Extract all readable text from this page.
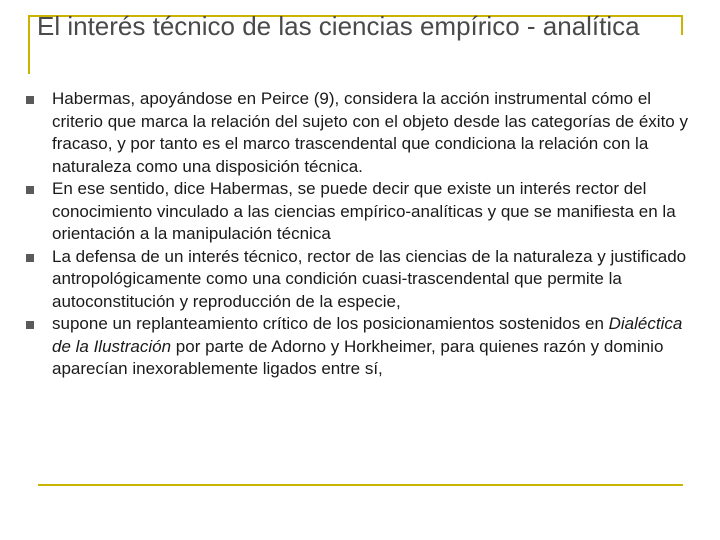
El interés técnico de las ciencias empírico - analítica
Habermas, apoyándose en Peirce (9), considera la acción instrumental cómo el criterio que marca la relación del sujeto con el objeto desde las categorías de éxito y fracaso, y por tanto es el marco trascendental que condiciona la relación con la naturaleza como una disposición técnica.
En ese sentido, dice Habermas, se puede decir que existe un interés rector del conocimiento vinculado a las ciencias empírico-analíticas y que se manifiesta en la orientación a la manipulación técnica
La defensa de un interés técnico, rector de las ciencias de la naturaleza y justificado antropológicamente como una condición cuasi-trascendental que permite la autoconstitución y reproducción de la especie,
supone un replanteamiento crítico de los posicionamientos sostenidos en Dialéctica de la Ilustración por parte de Adorno y Horkheimer, para quienes razón y dominio aparecían inexorablemente ligados entre sí,
